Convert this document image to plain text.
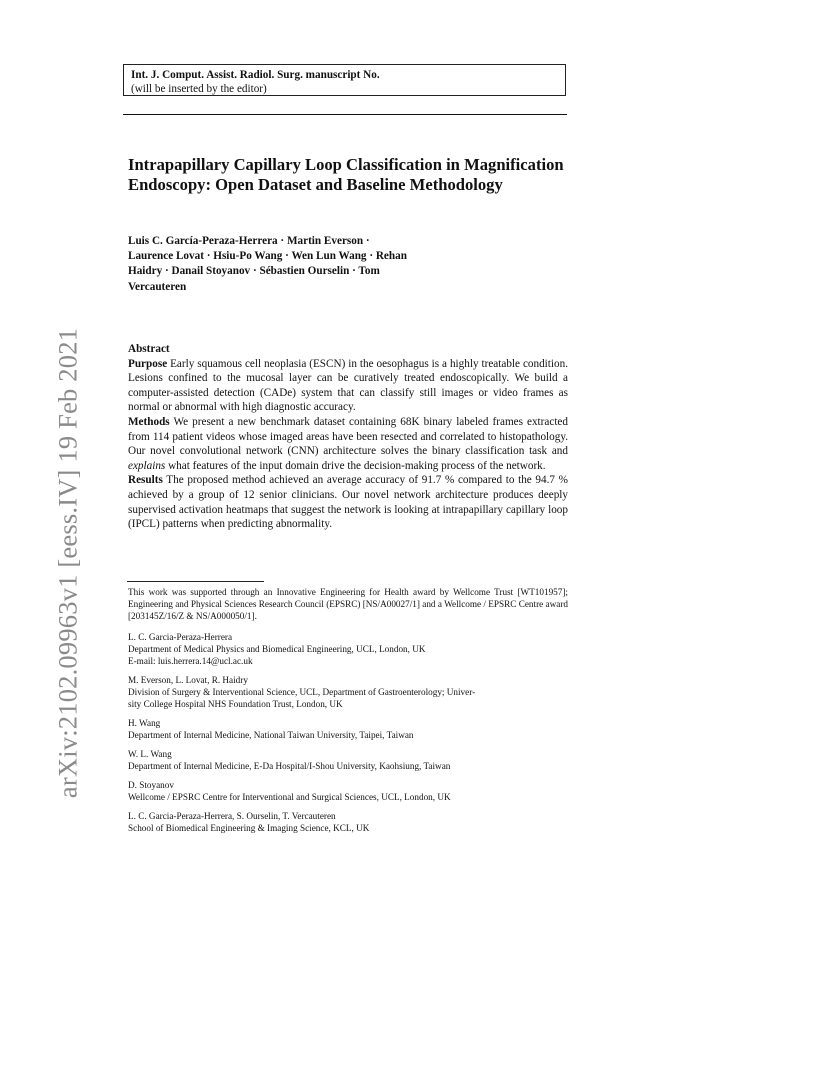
arXiv:2102.09963v1 [eess.IV] 19 Feb 2021
Int. J. Comput. Assist. Radiol. Surg. manuscript No.
(will be inserted by the editor)
Intrapapillary Capillary Loop Classification in Magnification Endoscopy: Open Dataset and Baseline Methodology

Luis C. García-Peraza-Herrera · Martin Everson · Laurence Lovat · Hsiu-Po Wang · Wen Lun Wang · Rehan Haidry · Danail Stoyanov · Sébastien Ourselin · Tom Vercauteren

Abstract

Purpose Early squamous cell neoplasia (ESCN) in the oesophagus is a highly treatable condition. Lesions confined to the mucosal layer can be curatively treated endoscopically. We build a computer-assisted detection (CADe) system that can classify still images or video frames as normal or abnormal with high diagnostic accuracy.

Methods We present a new benchmark dataset containing 68K binary labeled frames extracted from 114 patient videos whose imaged areas have been resected and correlated to histopathology. Our novel convolutional network (CNN) architecture solves the binary classification task and explains what features of the input domain drive the decision-making process of the network.

Results The proposed method achieved an average accuracy of 91.7 % compared to the 94.7 % achieved by a group of 12 senior clinicians. Our novel network architecture produces deeply supervised activation heatmaps that suggest the network is looking at intrapapillary capillary loop (IPCL) patterns when predicting abnormality.

This work was supported through an Innovative Engineering for Health award by Wellcome Trust [WT101957]; Engineering and Physical Sciences Research Council (EPSRC) [NS/A00027/1] and a Wellcome / EPSRC Centre award [203145Z/16/Z & NS/A000050/1].

L. C. Garcia-Peraza-Herrera
Department of Medical Physics and Biomedical Engineering, UCL, London, UK
E-mail: luis.herrera.14@ucl.ac.uk
M. Everson, L. Lovat, R. Haidry
Division of Surgery & Interventional Science, UCL, Department of Gastroenterology; Univer-
sity College Hospital NHS Foundation Trust, London, UK
H. Wang
Department of Internal Medicine, National Taiwan University, Taipei, Taiwan
W. L. Wang
Department of Internal Medicine, E-Da Hospital/I-Shou University, Kaohsiung, Taiwan
D. Stoyanov
Wellcome / EPSRC Centre for Interventional and Surgical Sciences, UCL, London, UK
L. C. Garcia-Peraza-Herrera, S. Ourselin, T. Vercauteren
School of Biomedical Engineering & Imaging Science, KCL, UK
